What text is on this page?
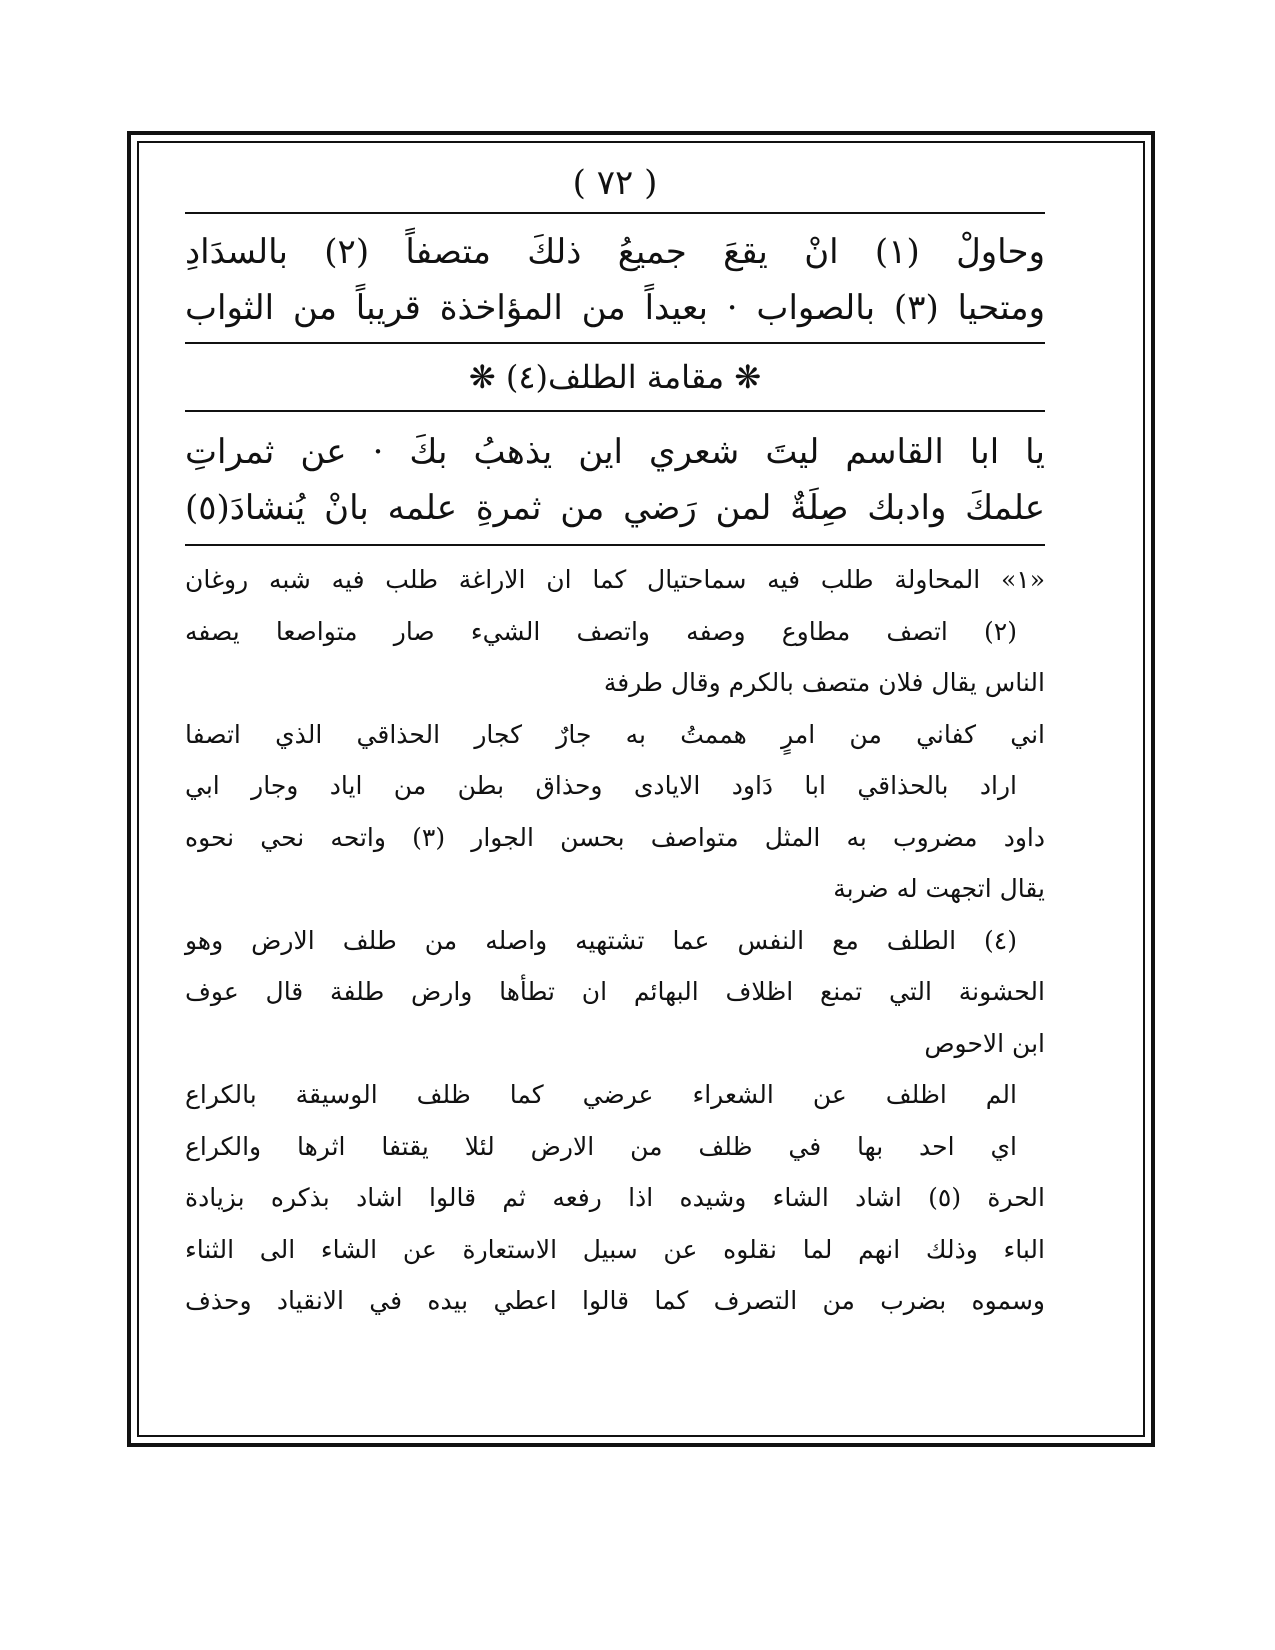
( ٧٢ )
وحاولْ (١) انْ يقعَ جميعُ ذلكَ متصفاً (٢) بالسدَادِ
ومتحيا (٣) بالصواب · بعيداً من المؤاخذة قريباً من الثواب
❋ مقامة الطلف(٤) ❋
يا ابا القاسم ليتَ شعري اين يذهبُ بكَ · عن ثمراتِ
علمكَ وادبك صِلَةٌ لمن رَضي من ثمرةِ علمه بانْ يُنشادَ(٥)
«١» المحاولة طلب فيه سماحتيال كما ان الاراغة طلب فيه شبه روغان
(٢) اتصف مطاوع وصفه واتصف الشيء صار متواصعا يصفه
الناس يقال فلان متصف بالكرم وقال طرفة
اني كفاني من امرٍ هممتُ به جارٌ كجار الحذاقي الذي اتصفا
اراد بالحذاقي ابا دَاود الايادى وحذاق بطن من اياد وجار ابي
داود مضروب به المثل متواصف بحسن الجوار (٣) واتحه نحي نحوه
يقال اتجهت له ضربة
(٤) الطلف مع النفس عما تشتهيه واصله من طلف الارض وهو
الحشونة التي تمنع اظلاف البهائم ان تطأها وارض طلفة قال عوف
ابن الاحوص
الم اظلف عن الشعراء عرضي كما ظلف الوسيقة بالكراع
اي احد بها في ظلف من الارض لئلا يقتفا اثرها والكراع
الحرة (٥) اشاد الشاء وشيده اذا رفعه ثم قالوا اشاد بذكره بزيادة
الباء وذلك انهم لما نقلوه عن سبيل الاستعارة عن الشاء الى الثناء
وسموه بضرب من التصرف كما قالوا اعطي بيده في الانقياد وحذف
